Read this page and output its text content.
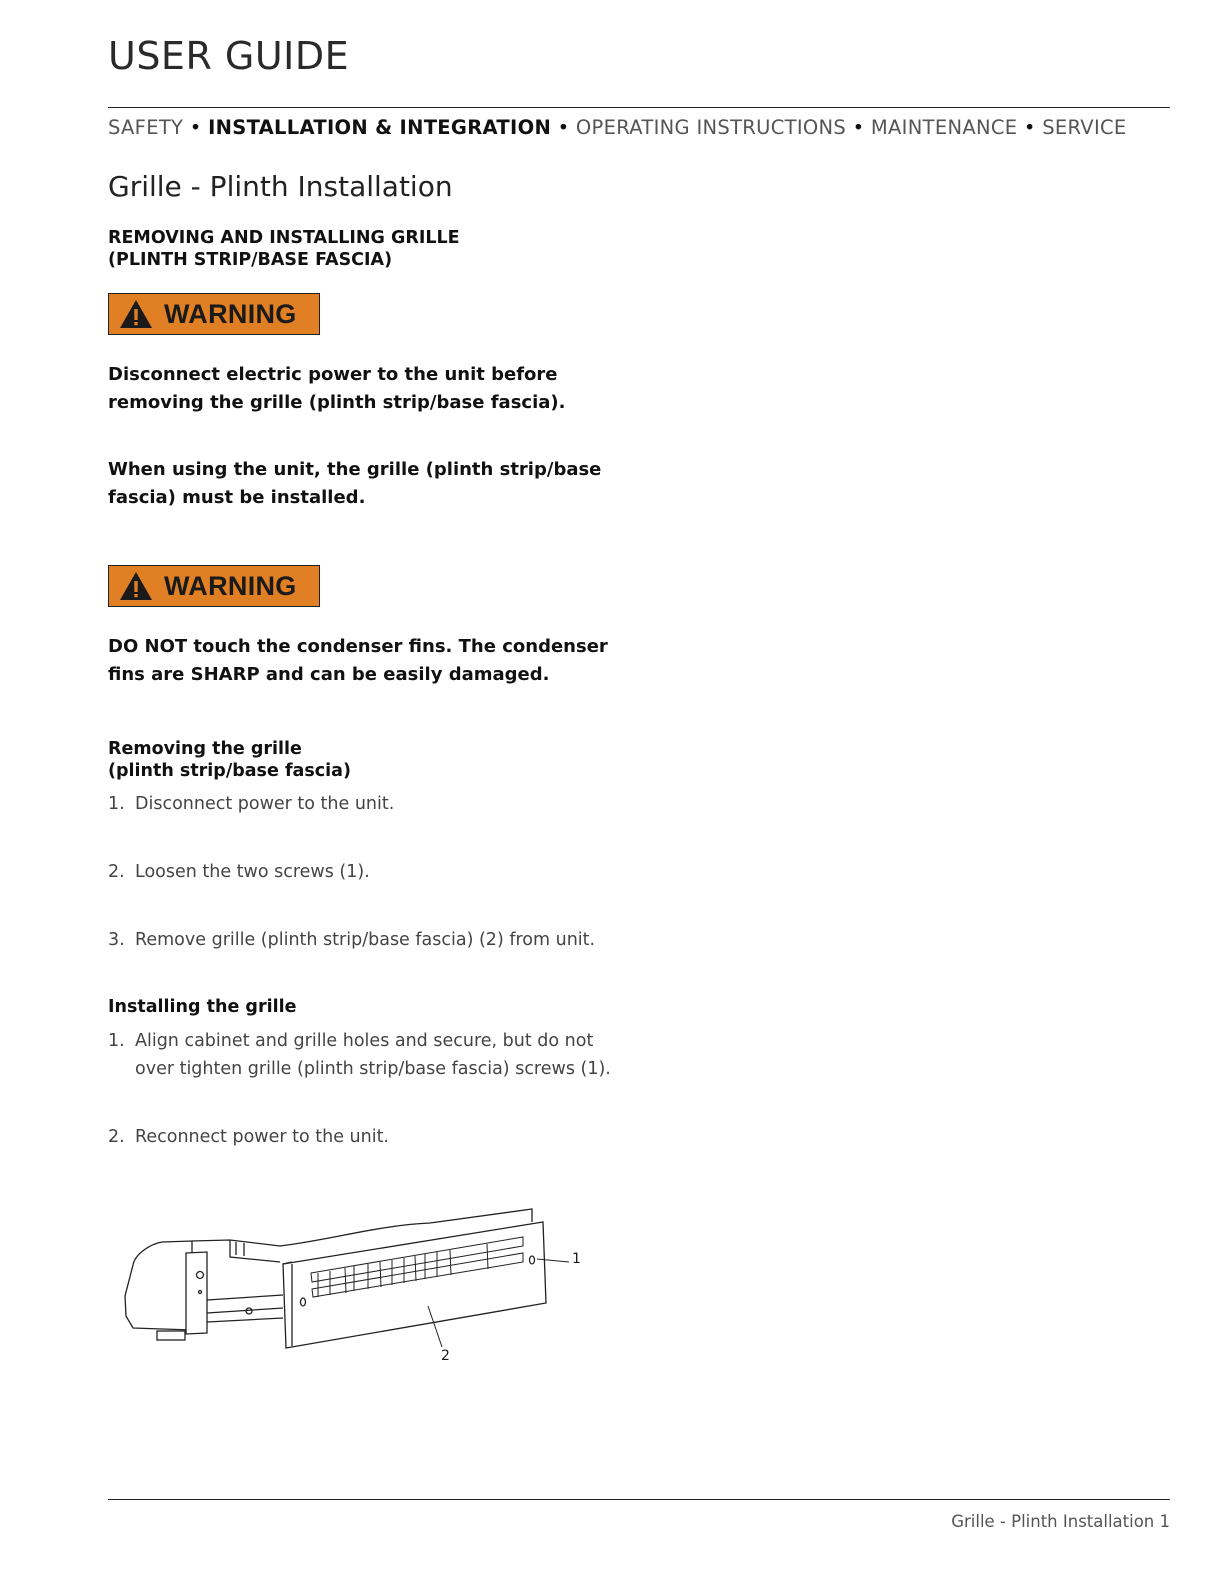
USER GUIDE
SAFETY • INSTALLATION & INTEGRATION • OPERATING INSTRUCTIONS • MAINTENANCE • SERVICE
Grille - Plinth Installation
REMOVING AND INSTALLING GRILLE
(PLINTH STRIP/BASE FASCIA)
WARNING
Disconnect electric power to the unit before removing the grille (plinth strip/base fascia).
When using the unit, the grille (plinth strip/base fascia) must be installed.
WARNING
DO NOT touch the condenser fins. The condenser fins are SHARP and can be easily damaged.
Removing the grille
(plinth strip/base fascia)
1. Disconnect power to the unit.
2. Loosen the two screws (1).
3. Remove grille (plinth strip/base fascia) (2) from unit.
Installing the grille
1. Align cabinet and grille holes and secure, but do not
over tighten grille (plinth strip/base fascia) screws (1).
2. Reconnect power to the unit.
1
2
Grille - Plinth Installation 1
